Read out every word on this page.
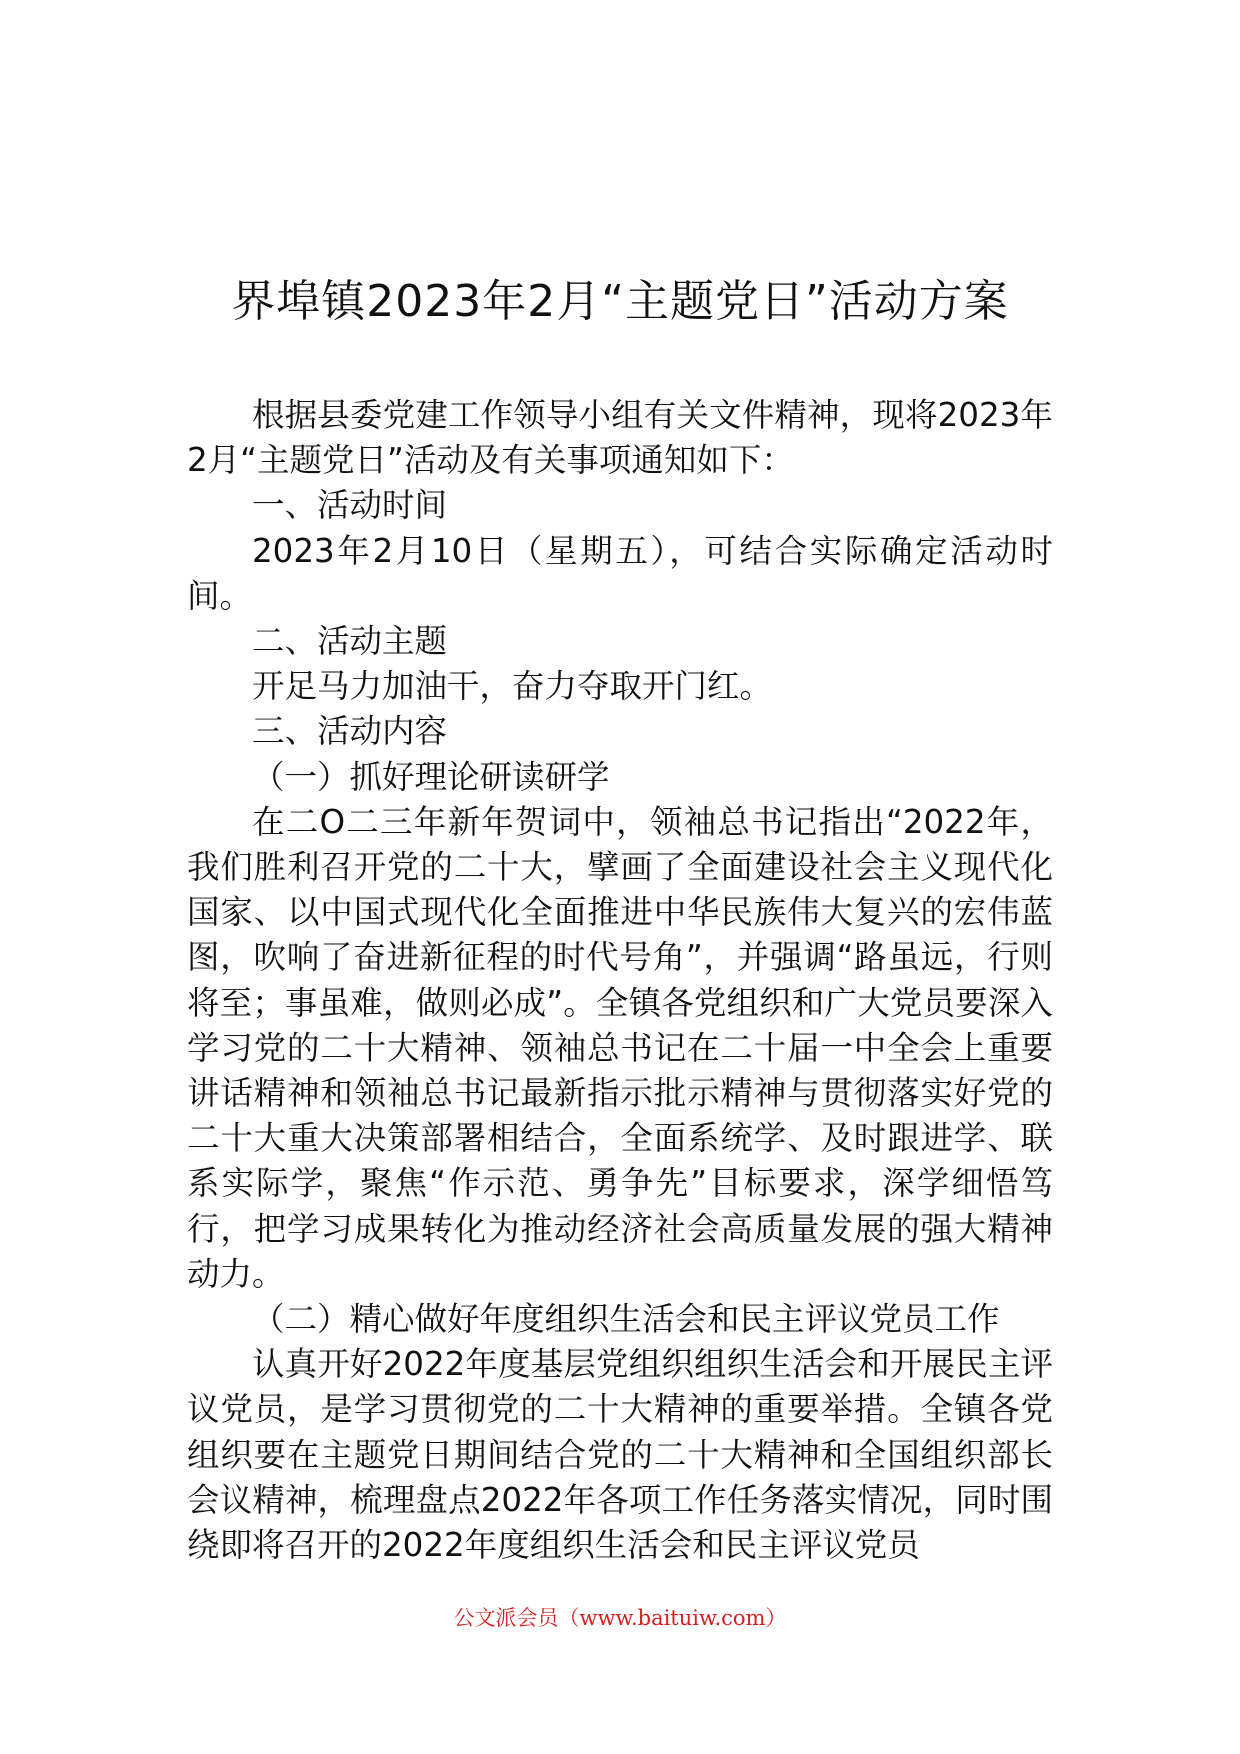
界埠镇2023年2月“主题党日”活动方案

根据县委党建工作领导小组有关文件精神，现将2023年2月“主题党日”活动及有关事项通知如下：

一、活动时间

2023年2月10日（星期五），可结合实际确定活动时间。

二、活动主题

开足马力加油干，奋力夺取开门红。

三、活动内容

（一）抓好理论研读研学

在二O二三年新年贺词中，领袖总书记指出“2022年，我们胜利召开党的二十大，擘画了全面建设社会主义现代化国家、以中国式现代化全面推进中华民族伟大复兴的宏伟蓝图，吹响了奋进新征程的时代号角”，并强调“路虽远，行则将至；事虽难，做则必成”。全镇各党组织和广大党员要深入学习党的二十大精神、领袖总书记在二十届一中全会上重要讲话精神和领袖总书记最新指示批示精神与贯彻落实好党的二十大重大决策部署相结合，全面系统学、及时跟进学、联系实际学，聚焦“作示范、勇争先”目标要求，深学细悟笃行，把学习成果转化为推动经济社会高质量发展的强大精神动力。

（二）精心做好年度组织生活会和民主评议党员工作

认真开好2022年度基层党组织组织生活会和开展民主评议党员，是学习贯彻党的二十大精神的重要举措。全镇各党组织要在主题党日期间结合党的二十大精神和全国组织部长会议精神，梳理盘点2022年各项工作任务落实情况，同时围绕即将召开的2022年度组织生活会和民主评议党员

公文派会员（www.baituiw.com）
